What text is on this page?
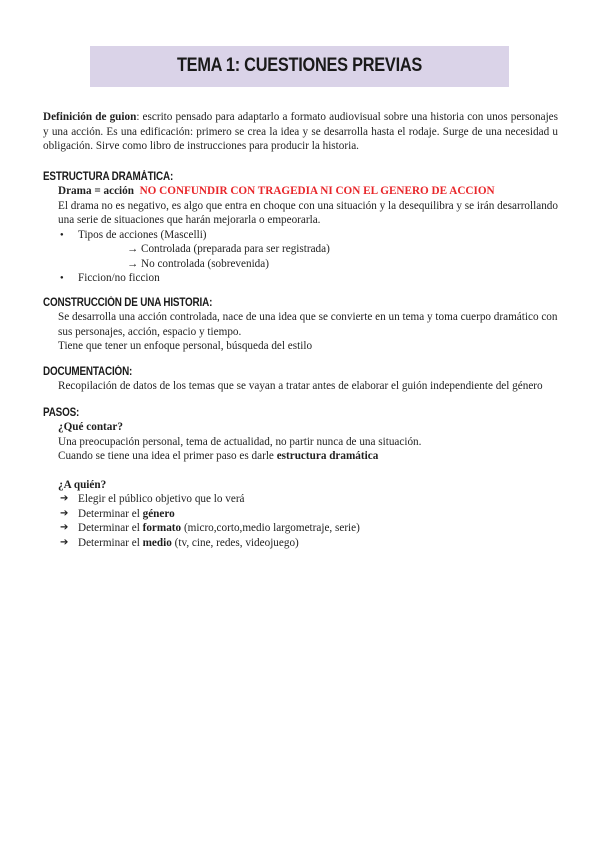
TEMA 1: CUESTIONES PREVIAS

Definición de guion: escrito pensado para adaptarlo a formato audiovisual sobre una historia con unos personajes y una acción. Es una edificación: primero se crea la idea y se desarrolla hasta el rodaje. Surge de una necesidad u obligación. Sirve como libro de instrucciones para producir la historia.

ESTRUCTURA DRAMÁTICA:

Drama = acción NO CONFUNDIR CON TRAGEDIA NI CON EL GENERO DE ACCION

El drama no es negativo, es algo que entra en choque con una situación y la desequilibra y se irán desarrollando una serie de situaciones que harán mejorarla o empeorarla.

● Tipos de acciones (Mascelli)

→ Controlada (preparada para ser registrada)

→ No controlada (sobrevenida)

● Ficcion/no ficcion
CONSTRUCCIÓN DE UNA HISTORIA:

Se desarrolla una acción controlada, nace de una idea que se convierte en un tema y toma cuerpo dramático con sus personajes, acción, espacio y tiempo.

Tiene que tener un enfoque personal, búsqueda del estilo

DOCUMENTACIÓN:

Recopilación de datos de los temas que se vayan a tratar antes de elaborar el guión independiente del género

PASOS:

¿Qué contar?

Una preocupación personal, tema de actualidad, no partir nunca de una situación.

Cuando se tiene una idea el primer paso es darle estructura dramática

¿A quién?

➔ Elegir el público objetivo que lo verá
➔ Determinar el género
➔ Determinar el formato (micro,corto,medio largometraje, serie)
➔ Determinar el medio (tv, cine, redes, videojuego)
